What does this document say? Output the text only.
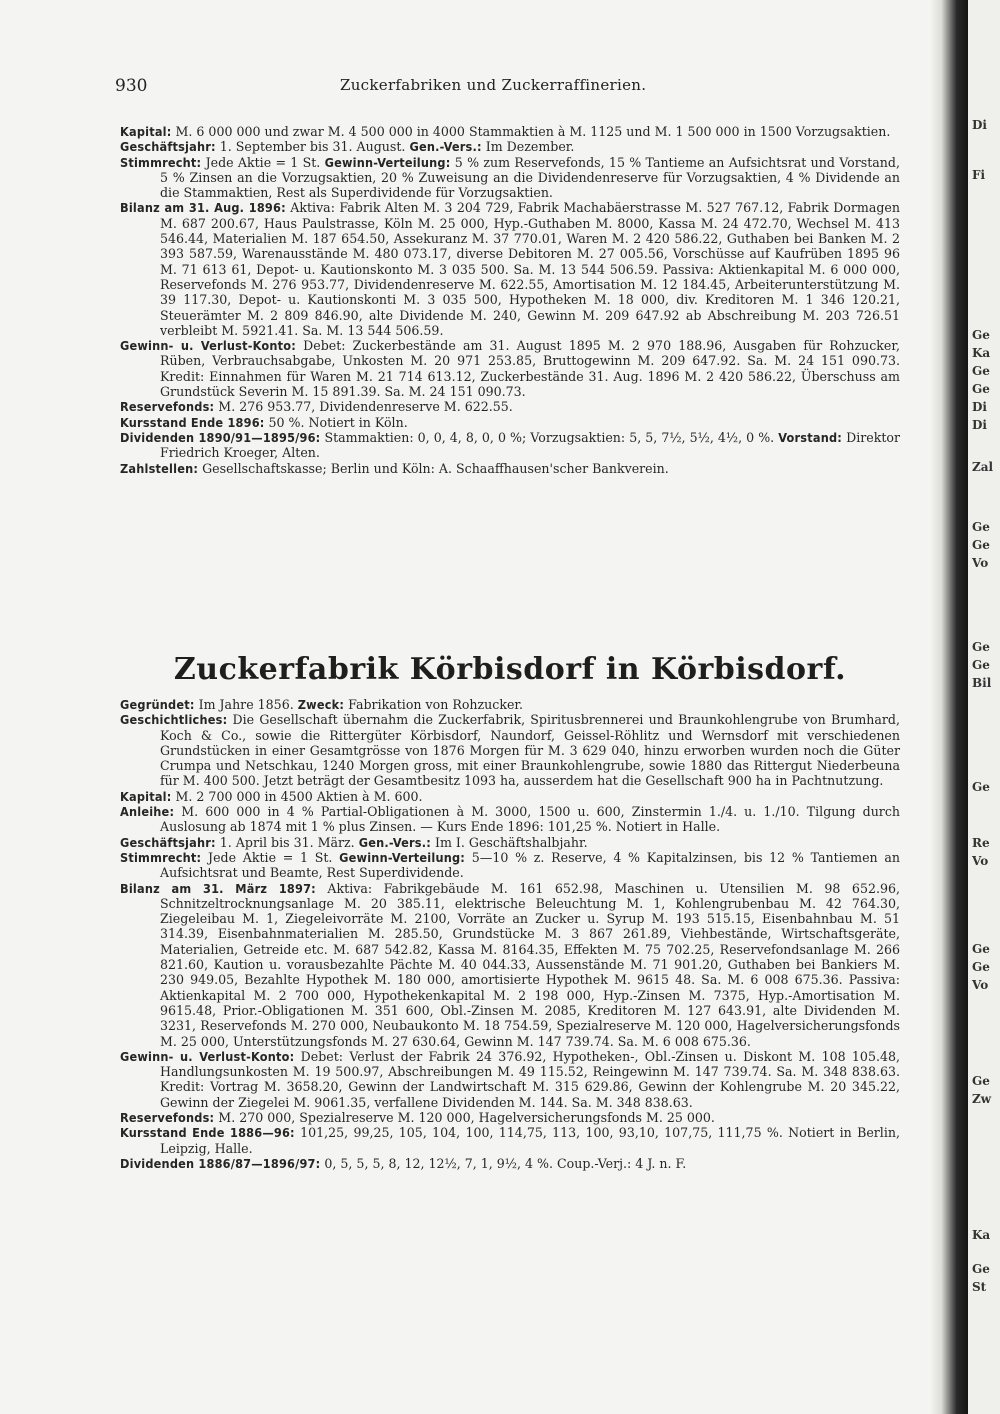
930	Zuckerfabriken und Zuckerraffinerien.

Kapital: M. 6 000 000 und zwar M. 4 500 000 in 4000 Stammaktien à M. 1125 und M. 1 500 000 in 1500 Vorzugsaktien.

Geschäftsjahr: 1. September bis 31. August. Gen.-Vers.: Im Dezember.

Stimmrecht: Jede Aktie = 1 St. Gewinn-Verteilung: 5 % zum Reservefonds, 15 % Tantieme an Aufsichtsrat und Vorstand, 5 % Zinsen an die Vorzugsaktien, 20 % Zuweisung an die Dividendenreserve für Vorzugsaktien, 4 % Dividende an die Stammaktien, Rest als Superdividende für Vorzugsaktien.

Bilanz am 31. Aug. 1896: Aktiva: Fabrik Alten M. 3 204 729, Fabrik Machabäerstrasse M. 527 767.12, Fabrik Dormagen M. 687 200.67, Haus Paulstrasse, Köln M. 25 000, Hyp.-Guthaben M. 8000, Kassa M. 24 472.70, Wechsel M. 413 546.44, Materialien M. 187 654.50, Assekuranz M. 37 770.01, Waren M. 2 420 586.22, Guthaben bei Banken M. 2 393 587.59, Warenausstände M. 480 073.17, diverse Debitoren M. 27 005.56, Vorschüsse auf Kaufrüben 1895 96 M. 71 613 61, Depot- u. Kautionskonto M. 3 035 500. Sa. M. 13 544 506.59. Passiva: Aktienkapital M. 6 000 000, Reservefonds M. 276 953.77, Dividendenreserve M. 622.55, Amortisation M. 12 184.45, Arbeiterunterstützung M. 39 117.30, Depot- u. Kautionskonti M. 3 035 500, Hypotheken M. 18 000, div. Kreditoren M. 1 346 120.21, Steuerämter M. 2 809 846.90, alte Dividende M. 240, Gewinn M. 209 647.92 ab Abschreibung M. 203 726.51 verbleibt M. 5921.41. Sa. M. 13 544 506.59.

Gewinn- u. Verlust-Konto: Debet: Zuckerbestände am 31. August 1895 M. 2 970 188.96, Ausgaben für Rohzucker, Rüben, Verbrauchsabgabe, Unkosten M. 20 971 253.85, Bruttogewinn M. 209 647.92. Sa. M. 24 151 090.73. Kredit: Einnahmen für Waren M. 21 714 613.12, Zuckerbestände 31. Aug. 1896 M. 2 420 586.22, Überschuss am Grundstück Severin M. 15 891.39. Sa. M. 24 151 090.73.

Reservefonds: M. 276 953.77, Dividendenreserve M. 622.55.

Kursstand Ende 1896: 50 %. Notiert in Köln.

Dividenden 1890/91—1895/96: Stammaktien: 0, 0, 4, 8, 0, 0 %; Vorzugsaktien: 5, 5, 7½, 5½, 4½, 0 %. Vorstand: Direktor Friedrich Kroeger, Alten.

Zahlstellen: Gesellschaftskasse; Berlin und Köln: A. Schaaffhausen'scher Bankverein.

Zuckerfabrik Körbisdorf in Körbisdorf.

Gegründet: Im Jahre 1856. Zweck: Fabrikation von Rohzucker.

Geschichtliches: Die Gesellschaft übernahm die Zuckerfabrik, Spiritusbrennerei und Braunkohlengrube von Brumhard, Koch & Co., sowie die Rittergüter Körbisdorf, Naundorf, Geissel-Röhlitz und Wernsdorf mit verschiedenen Grundstücken in einer Gesamtgrösse von 1876 Morgen für M. 3 629 040, hinzu erworben wurden noch die Güter Crumpa und Netschkau, 1240 Morgen gross, mit einer Braunkohlengrube, sowie 1880 das Rittergut Niederbeuna für M. 400 500. Jetzt beträgt der Gesamtbesitz 1093 ha, ausserdem hat die Gesellschaft 900 ha in Pachtnutzung.

Kapital: M. 2 700 000 in 4500 Aktien à M. 600.

Anleihe: M. 600 000 in 4 % Partial-Obligationen à M. 3000, 1500 u. 600, Zinstermin 1./4. u. 1./10. Tilgung durch Auslosung ab 1874 mit 1 % plus Zinsen. — Kurs Ende 1896: 101,25 %. Notiert in Halle.

Geschäftsjahr: 1. April bis 31. März. Gen.-Vers.: Im I. Geschäftshalbjahr.

Stimmrecht: Jede Aktie = 1 St. Gewinn-Verteilung: 5—10 % z. Reserve, 4 % Kapitalzinsen, bis 12 % Tantiemen an Aufsichtsrat und Beamte, Rest Superdividende.

Bilanz am 31. März 1897: Aktiva: Fabrikgebäude M. 161 652.98, Maschinen u. Utensilien M. 98 652.96, Schnitzeltrocknungsanlage M. 20 385.11, elektrische Beleuchtung M. 1, Kohlengrubenbau M. 42 764.30, Ziegeleibau M. 1, Ziegeleivorräte M. 2100, Vorräte an Zucker u. Syrup M. 193 515.15, Eisenbahnbau M. 51 314.39, Eisenbahnmaterialien M. 285.50, Grundstücke M. 3 867 261.89, Viehbestände, Wirtschaftsgeräte, Materialien, Getreide etc. M. 687 542.82, Kassa M. 8164.35, Effekten M. 75 702.25, Reservefondsanlage M. 266 821.60, Kaution u. vorausbezahlte Pächte M. 40 044.33, Aussenstände M. 71 901.20, Guthaben bei Bankiers M. 230 949.05, Bezahlte Hypothek M. 180 000, amortisierte Hypothek M. 9615 48. Sa. M. 6 008 675.36. Passiva: Aktienkapital M. 2 700 000, Hypothekenkapital M. 2 198 000, Hyp.-Zinsen M. 7375, Hyp.-Amortisation M. 9615.48, Prior.-Obligationen M. 351 600, Obl.-Zinsen M. 2085, Kreditoren M. 127 643.91, alte Dividenden M. 3231, Reservefonds M. 270 000, Neubaukonto M. 18 754.59, Spezialreserve M. 120 000, Hagelversicherungsfonds M. 25 000, Unterstützungsfonds M. 27 630.64, Gewinn M. 147 739.74. Sa. M. 6 008 675.36.

Gewinn- u. Verlust-Konto: Debet: Verlust der Fabrik 24 376.92, Hypotheken-, Obl.-Zinsen u. Diskont M. 108 105.48, Handlungsunkosten M. 19 500.97, Abschreibungen M. 49 115.52, Reingewinn M. 147 739.74. Sa. M. 348 838.63. Kredit: Vortrag M. 3658.20, Gewinn der Landwirtschaft M. 315 629.86, Gewinn der Kohlengrube M. 20 345.22, Gewinn der Ziegelei M. 9061.35, verfallene Dividenden M. 144. Sa. M. 348 838.63.

Reservefonds: M. 270 000, Spezialreserve M. 120 000, Hagelversicherungsfonds M. 25 000.

Kursstand Ende 1886—96: 101,25, 99,25, 105, 104, 100, 114,75, 113, 100, 93,10, 107,75, 111,75 %. Notiert in Berlin, Leipzig, Halle.

Dividenden 1886/87—1896/97: 0, 5, 5, 5, 8, 12, 12½, 7, 1, 9½, 4 %. Coup.-Verj.: 4 J. n. F.

Di
Fi
Ge
Ka
Ge
Ge
Di
Di
Zal
Ge
Ge
Vo
Ge
Ge
Bil
Ge
Re
Vo
Ge
Ge
Vo
Ge
Zw
Ka
Ge
St
